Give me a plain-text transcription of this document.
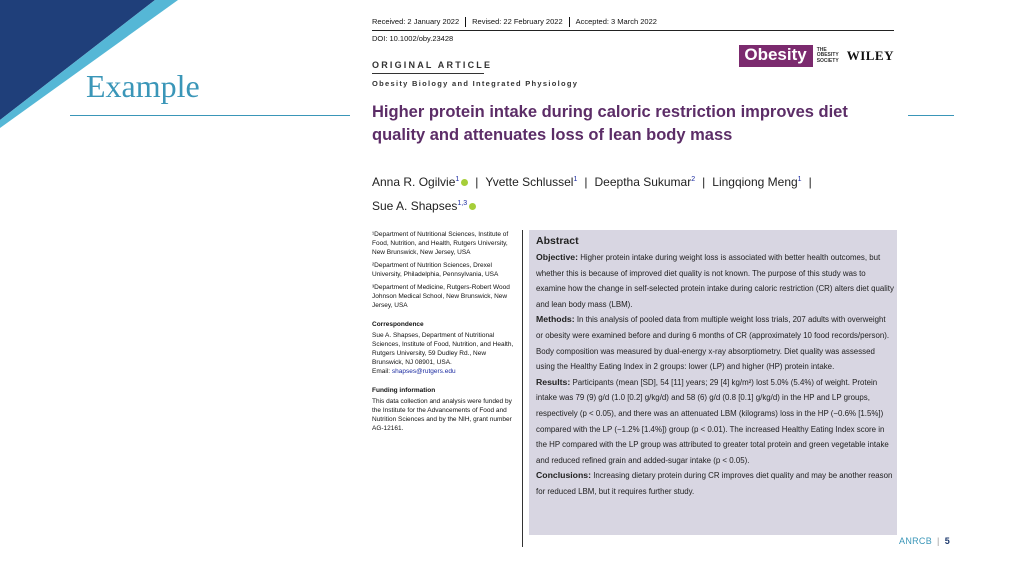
Example
Received: 2 January 2022 Revised: 22 February 2022 Accepted: 3 March 2022
DOI: 10.1002/oby.23428
Obesity	THE OBESITY SOCIETY WILEY
ORIGINAL ARTICLE
Obesity Biology and Integrated Physiology
Higher protein intake during caloric restriction improves diet quality and attenuates loss of lean body mass
Anna R. Ogilvie$^1$ | Yvette Schlussel$^1$ | Deeptha Sukumar$^2$ | Lingqiong Meng$^1$ |
Sue A. Shapses$^{1,3}$

¹Department of Nutritional Sciences, Institute of Food, Nutrition, and Health, Rutgers University, New Brunswick, New Jersey, USA

²Department of Nutrition Sciences, Drexel University, Philadelphia, Pennsylvania, USA

³Department of Medicine, Rutgers-Robert Wood Johnson Medical School, New Brunswick, New Jersey, USA

Correspondence

Sue A. Shapses, Department of Nutritional Sciences, Institute of Food, Nutrition, and Health, Rutgers University, 59 Dudley Rd., New Brunswick, NJ 08901, USA.

Email: shapses@rutgers.edu

Funding information

This data collection and analysis were funded by the Institute for the Advancements of Food and Nutrition Sciences and by the NIH, grant number AG-12161.

Abstract

Objective: Higher protein intake during weight loss is associated with better health outcomes, but whether this is because of improved diet quality is not known. The purpose of this study was to examine how the change in self-selected protein intake during caloric restriction (CR) alters diet quality and lean body mass (LBM).

Methods: In this analysis of pooled data from multiple weight loss trials, 207 adults with overweight or obesity were examined before and during 6 months of CR (approximately 10 food records/person). Body composition was measured by dual-energy x-ray absorptiometry. Diet quality was assessed using the Healthy Eating Index in 2 groups: lower (LP) and higher (HP) protein intake.

Results: Participants (mean [SD], 54 [11] years; 29 [4] kg/m²) lost 5.0% (5.4%) of weight. Protein intake was 79 (9) g/d (1.0 [0.2] g/kg/d) and 58 (6) g/d (0.8 [0.1] g/kg/d) in the HP and LP groups, respectively (p < 0.05), and there was an attenuated LBM (kilograms) loss in the HP (−0.6% [1.5%]) compared with the LP (−1.2% [1.4%]) group (p < 0.01). The increased Healthy Eating Index score in the HP compared with the LP group was attributed to greater total protein and green vegetable intake and reduced refined grain and added-sugar intake (p < 0.05).

Conclusions: Increasing dietary protein during CR improves diet quality and may be another reason for reduced LBM, but it requires further study.

ANRCB | 5
